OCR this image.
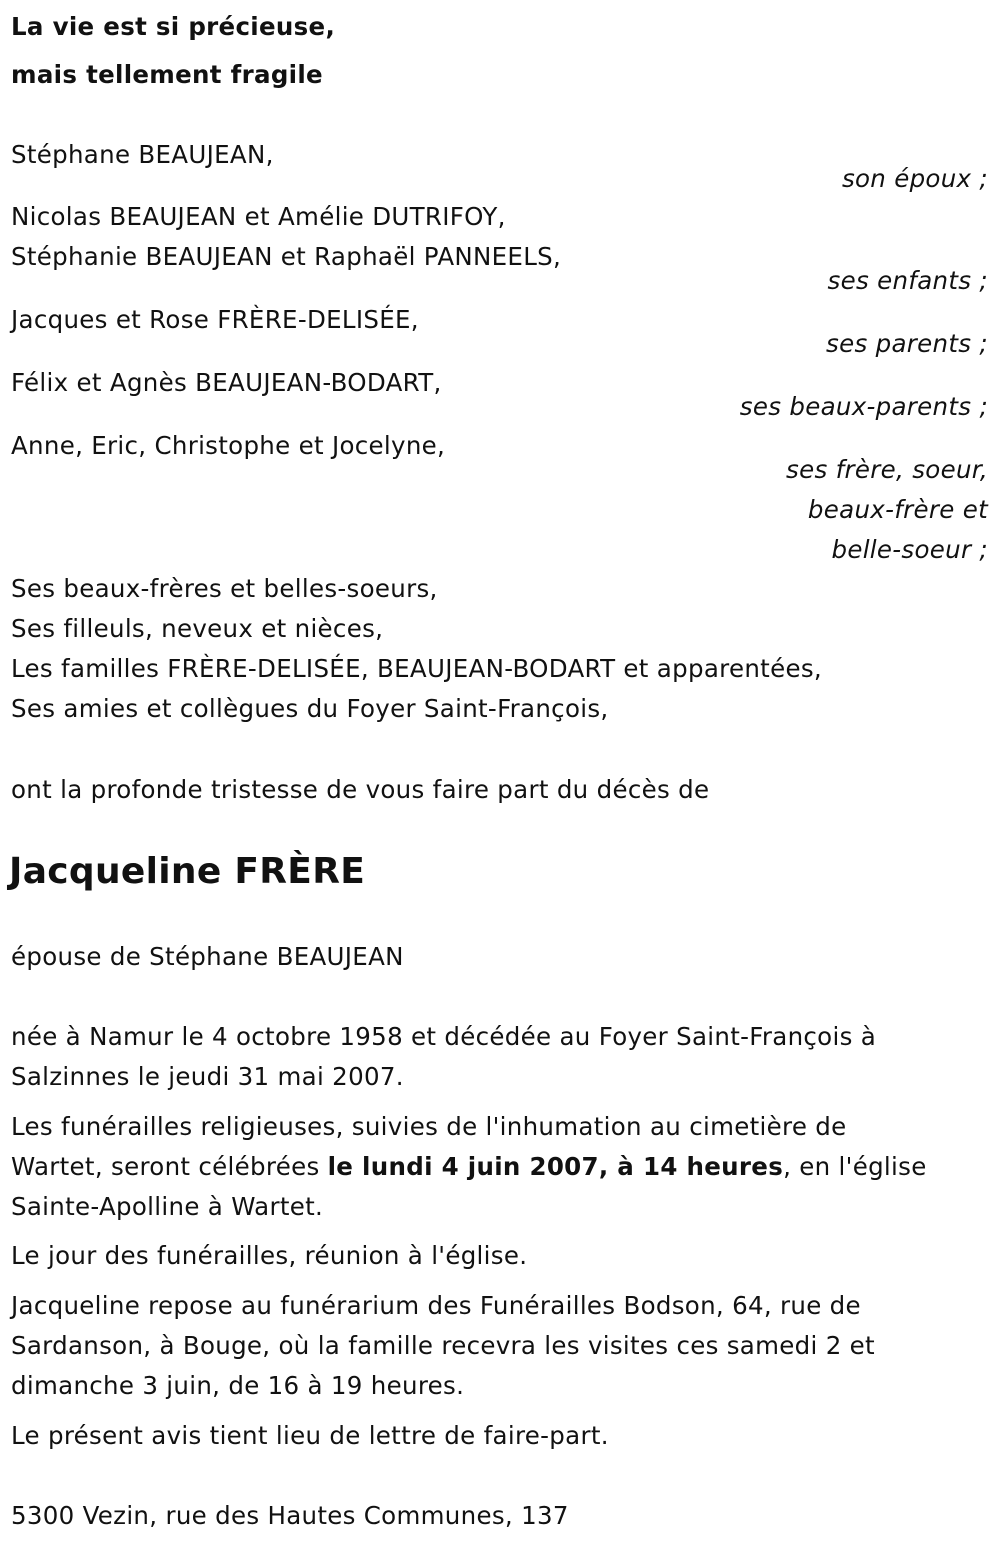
La vie est si précieuse,
mais tellement fragile
Stéphane BEAUJEAN,
son époux ;
Nicolas BEAUJEAN et Amélie DUTRIFOY,
Stéphanie BEAUJEAN et Raphaël PANNEELS,
ses enfants ;
Jacques et Rose FRÈRE-DELISÉE,
ses parents ;
Félix et Agnès BEAUJEAN-BODART,
ses beaux-parents ;
Anne, Eric, Christophe et Jocelyne,
ses frère, soeur,
beaux-frère et
belle-soeur ;
Ses beaux-frères et belles-soeurs,
Ses filleuls, neveux et nièces,
Les familles FRÈRE-DELISÉE, BEAUJEAN-BODART et apparentées,
Ses amies et collègues du Foyer Saint-François,
ont la profonde tristesse de vous faire part du décès de
Jacqueline FRÈRE
épouse de Stéphane BEAUJEAN
née à Namur le 4 octobre 1958 et décédée au Foyer Saint-François à
Salzinnes le jeudi 31 mai 2007.
Les funérailles religieuses, suivies de l'inhumation au cimetière de
Wartet, seront célébrées le lundi 4 juin 2007, à 14 heures, en l'église
Sainte-Apolline à Wartet.
Le jour des funérailles, réunion à l'église.
Jacqueline repose au funérarium des Funérailles Bodson, 64, rue de
Sardanson, à Bouge, où la famille recevra les visites ces samedi 2 et
dimanche 3 juin, de 16 à 19 heures.
Le présent avis tient lieu de lettre de faire-part.
5300 Vezin, rue des Hautes Communes, 137
